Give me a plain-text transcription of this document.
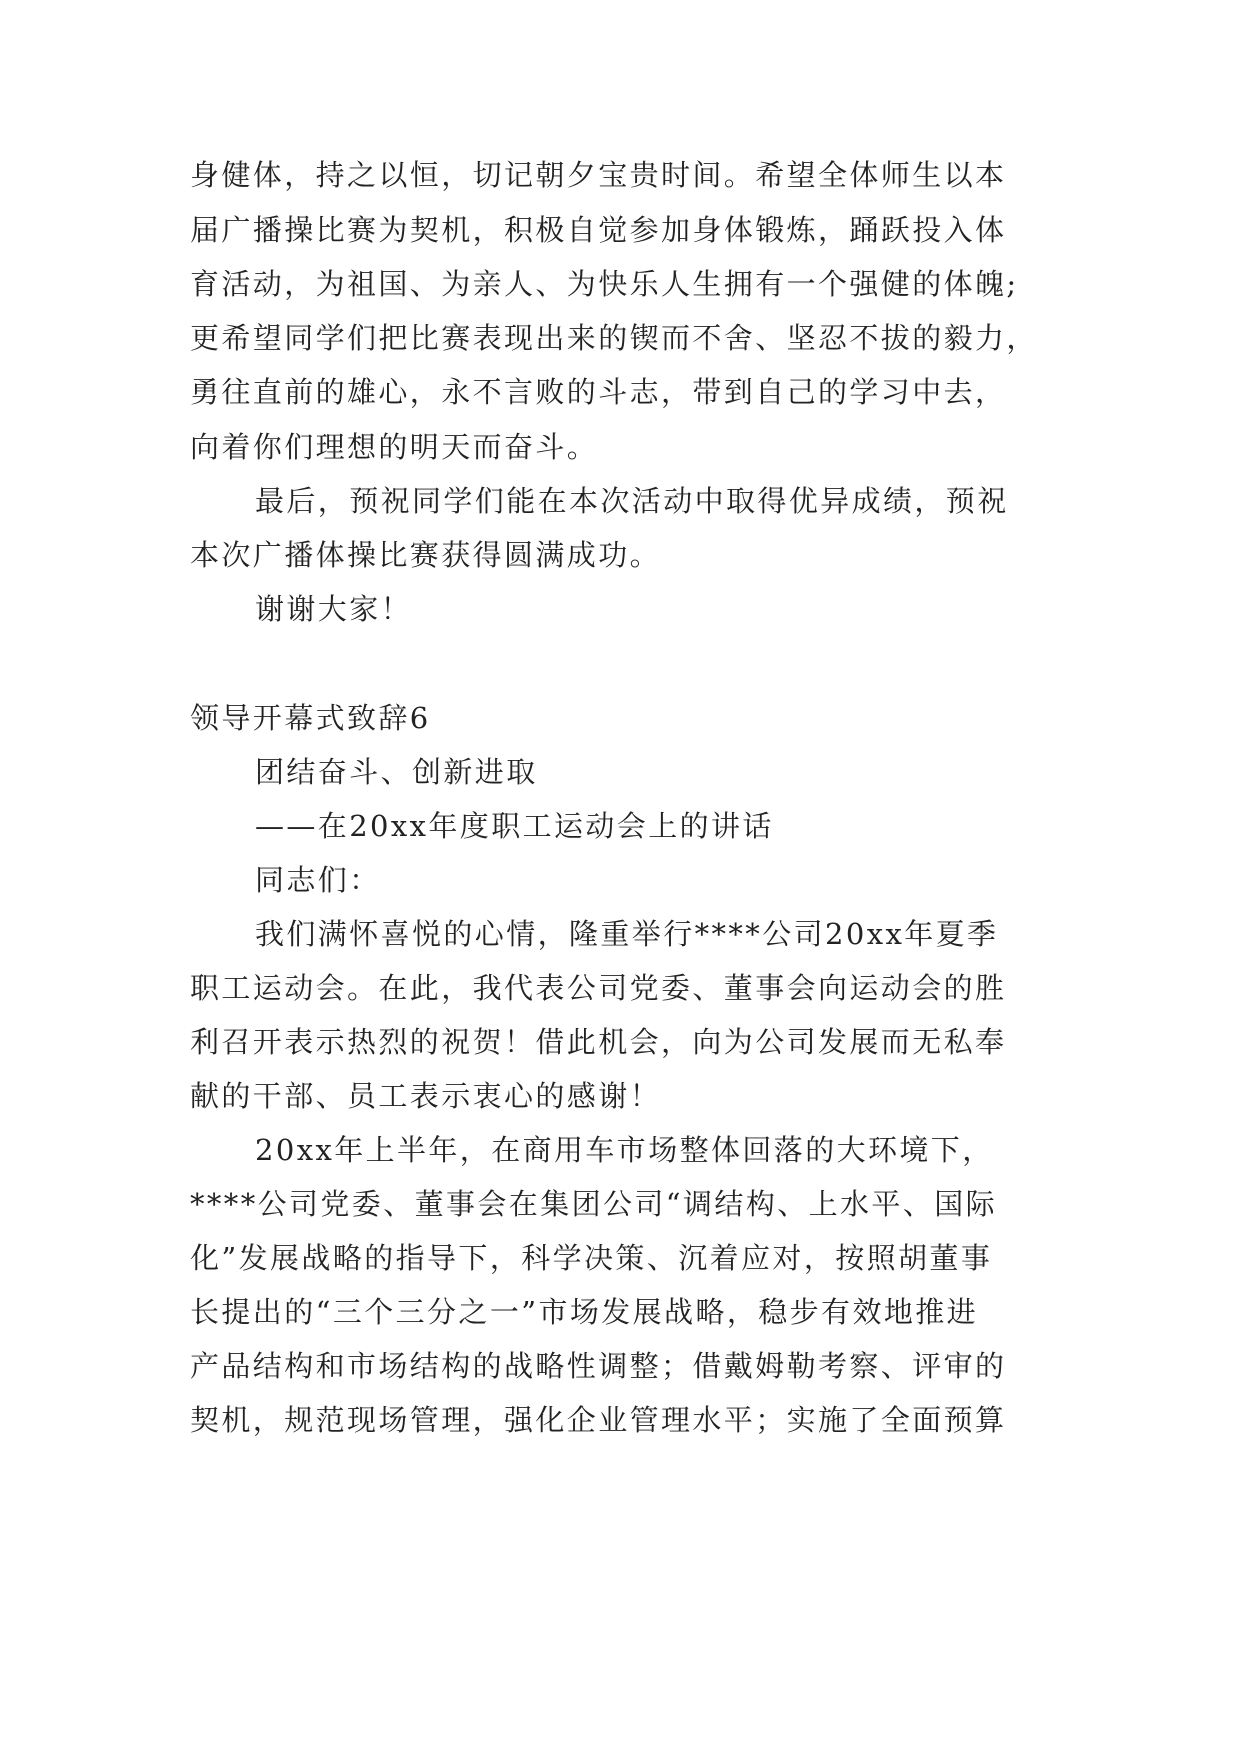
身健体，持之以恒，切记朝夕宝贵时间。希望全体师生以本
届广播操比赛为契机，积极自觉参加身体锻炼，踊跃投入体
育活动，为祖国、为亲人、为快乐人生拥有一个强健的体魄;
更希望同学们把比赛表现出来的锲而不舍、坚忍不拔的毅力，
勇往直前的雄心，永不言败的斗志，带到自己的学习中去，
向着你们理想的明天而奋斗。
最后，预祝同学们能在本次活动中取得优异成绩，预祝
本次广播体操比赛获得圆满成功。
谢谢大家！
领导开幕式致辞6
团结奋斗、创新进取
——在20xx年度职工运动会上的讲话
同志们：
我们满怀喜悦的心情，隆重举行****公司20xx年夏季
职工运动会。在此，我代表公司党委、董事会向运动会的胜
利召开表示热烈的祝贺！借此机会，向为公司发展而无私奉
献的干部、员工表示衷心的感谢！
20xx年上半年，在商用车市场整体回落的大环境下，
****公司党委、董事会在集团公司“调结构、上水平、国际
化”发展战略的指导下，科学决策、沉着应对，按照胡董事
长提出的“三个三分之一”市场发展战略，稳步有效地推进
产品结构和市场结构的战略性调整；借戴姆勒考察、评审的
契机，规范现场管理，强化企业管理水平；实施了全面预算
